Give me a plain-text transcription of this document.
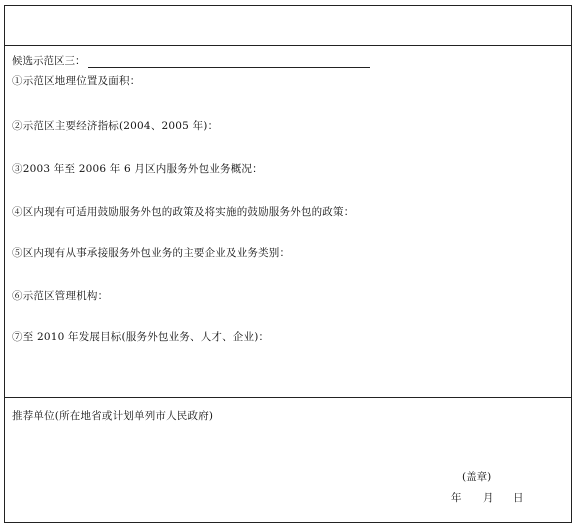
候选示范区三：
①示范区地理位置及面积：
②示范区主要经济指标(2004、2005 年)：
③2003 年至 2006 年 6 月区内服务外包业务概况：
④区内现有可适用鼓励服务外包的政策及将实施的鼓励服务外包的政策：
⑤区内现有从事承接服务外包业务的主要企业及业务类别：
⑥示范区管理机构：
⑦至 2010 年发展目标(服务外包业务、人才、企业)：
推荐单位(所在地省或计划单列市人民政府)
(盖章)
年	月	日
